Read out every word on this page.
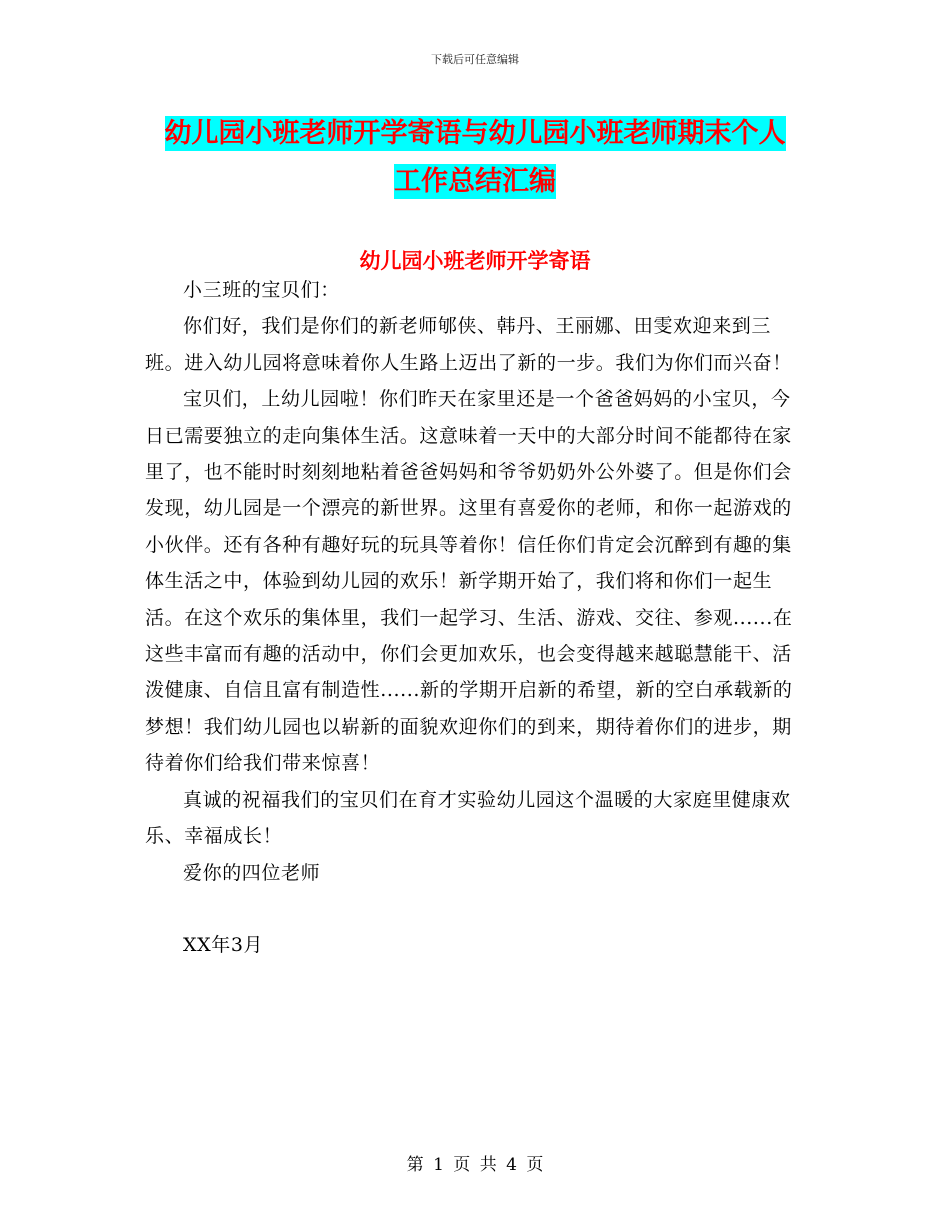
下载后可任意编辑
幼儿园小班老师开学寄语与幼儿园小班老师期末个人
工作总结汇编
幼儿园小班老师开学寄语

小三班的宝贝们：

你们好，我们是你们的新老师郇侠、韩丹、王丽娜、田雯欢迎来到三班。进入幼儿园将意味着你人生路上迈出了新的一步。我们为你们而兴奋！

宝贝们，上幼儿园啦！你们昨天在家里还是一个爸爸妈妈的小宝贝，今日已需要独立的走向集体生活。这意味着一天中的大部分时间不能都待在家里了，也不能时时刻刻地粘着爸爸妈妈和爷爷奶奶外公外婆了。但是你们会发现，幼儿园是一个漂亮的新世界。这里有喜爱你的老师，和你一起游戏的小伙伴。还有各种有趣好玩的玩具等着你！信任你们肯定会沉醉到有趣的集体生活之中，体验到幼儿园的欢乐！新学期开始了，我们将和你们一起生活。在这个欢乐的集体里，我们一起学习、生活、游戏、交往、参观......在这些丰富而有趣的活动中，你们会更加欢乐，也会变得越来越聪慧能干、活泼健康、自信且富有制造性......新的学期开启新的希望，新的空白承载新的梦想！我们幼儿园也以崭新的面貌欢迎你们的到来，期待着你们的进步，期待着你们给我们带来惊喜！

真诚的祝福我们的宝贝们在育才实验幼儿园这个温暖的大家庭里健康欢乐、幸福成长！

爱你的四位老师

XX年3月

第 1 页 共 4 页
